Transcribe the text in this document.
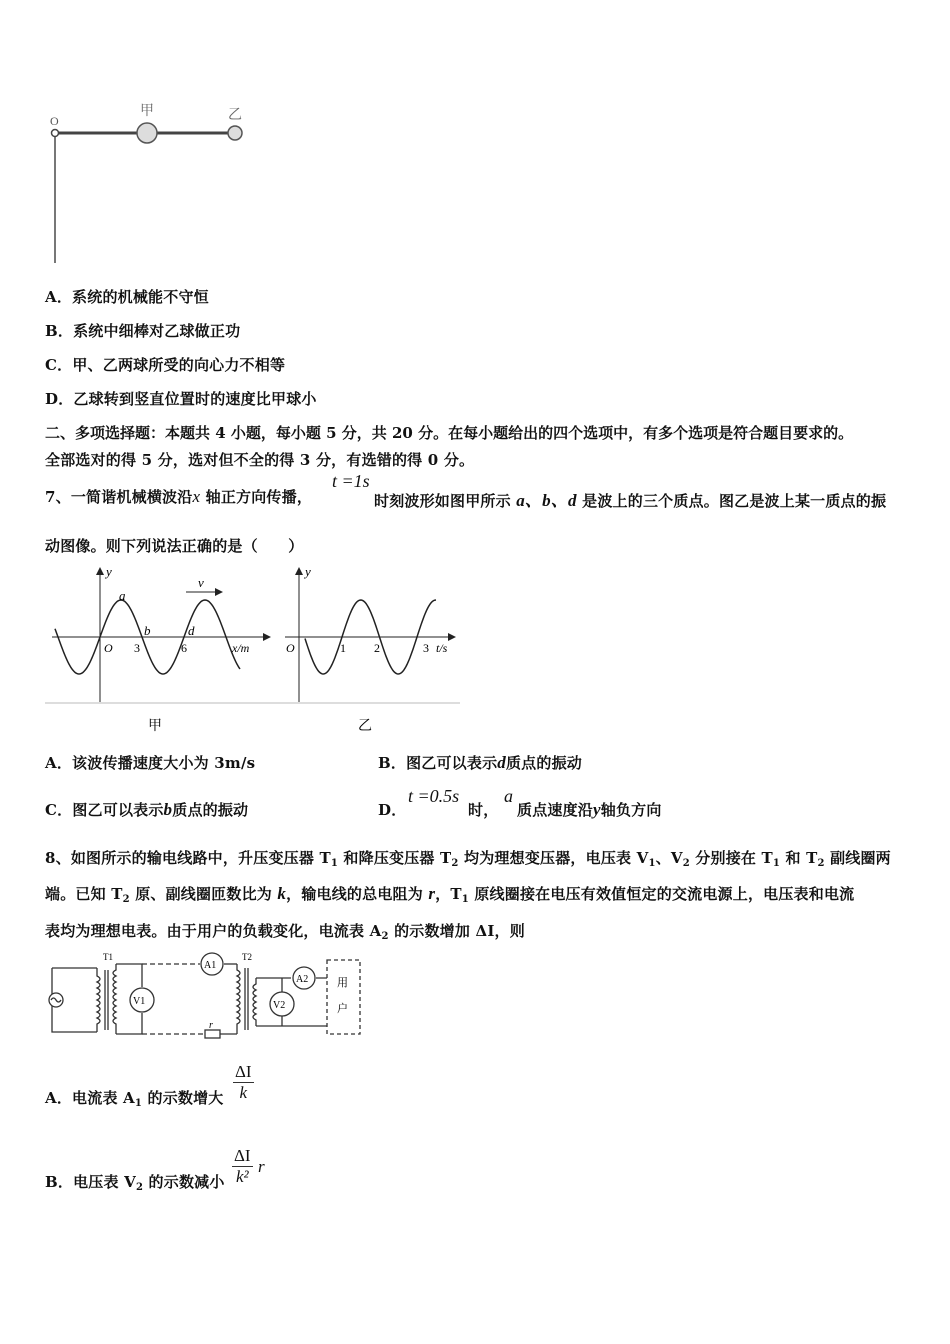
O
甲	乙
A．系统的机械能不守恒
B．系统中细棒对乙球做正功
C．甲、乙两球所受的向心力不相等
D．乙球转到竖直位置时的速度比甲球小
二、多项选择题：本题共 4 小题，每小题 5 分，共 20 分。在每小题给出的四个选项中，有多个选项是符合题目要求的。
全部选对的得 5 分，选对但不全的得 3 分，有选错的得 0 分。
7、一简谐机械横波沿x 轴正方向传播，
t =1s
时刻波形如图甲所示 a、b、d 是波上的三个质点。图乙是波上某一质点的振
动图像。则下列说法正确的是（　　）
y
O 3	6	x/m
a
b	d
v
y
O	1 2	3 t/s
甲	乙
A．该波传播速度大小为 3m/s	B．图乙可以表示d质点的振动
C．图乙可以表示b质点的振动	D．
t =0.5s
时，
a
质点速度沿y轴负方向
8、如图所示的输电线路中，升压变压器 $T_1$ 和降压变压器 $T_2$ 均为理想变压器，电压表 $V_1$、$V_2$ 分别接在 $T_1$ 和 $T_2$ 副线圈两
端。已知 $T_2$ 原、副线圈匝数比为 k，输电线的总电阻为 r，$T_1$ 原线圈接在电压有效值恒定的交流电源上，电压表和电流
表均为理想电表。由于用户的负载变化，电流表 $A_2$ 的示数增加 ΔI，则
T1	T2
V1
A1
V2
A2
r
用
户
A．电流表 $A_1$ 的示数增大 $\frac{\Delta I}{k}$
B．电压表 $V_2$ 的示数减小 $\frac{\Delta I}{\text{k²}}$ r
